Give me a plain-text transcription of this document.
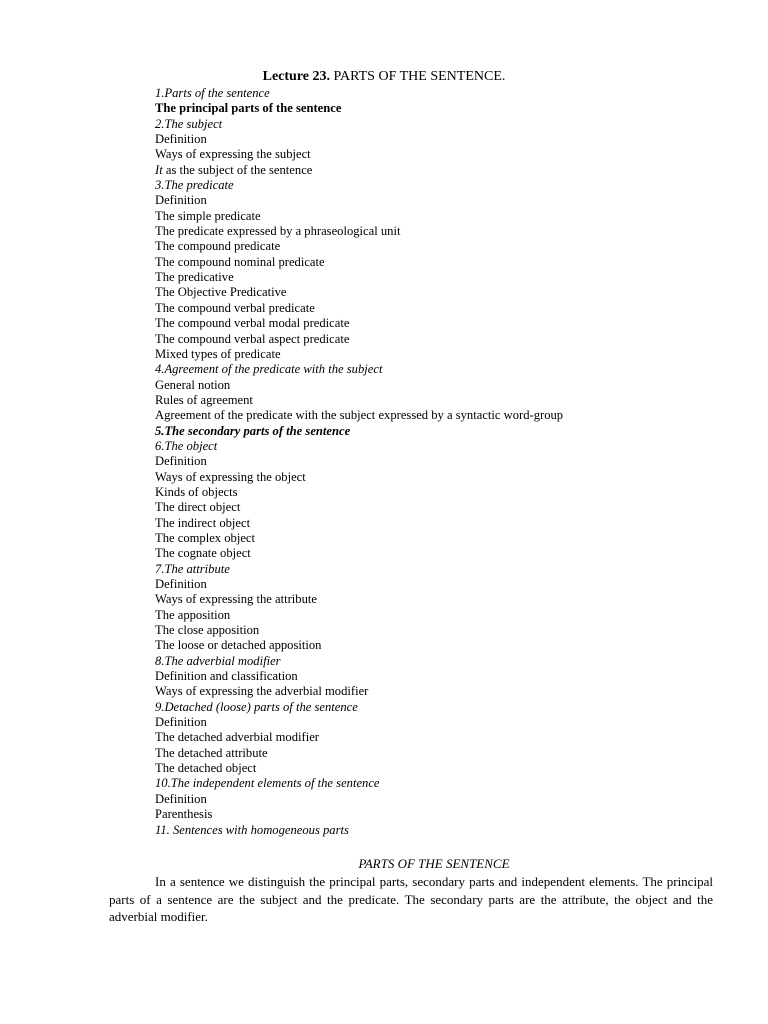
Lecture 23. PARTS OF THE SENTENCE.
1.Parts of the sentence
The principal parts of the sentence
2.The subject
Definition
Ways of expressing the subject
It as the subject of the sentence
3.The predicate
Definition
The simple predicate
The predicate expressed by a phraseological unit
The compound predicate
The compound nominal predicate
The predicative
The Objective Predicative
The compound verbal predicate
The compound verbal modal predicate
The compound verbal aspect predicate
Mixed types of predicate
4.Agreement of the predicate with the subject
General notion
Rules of agreement
Agreement of the predicate with the subject expressed by a syntactic word-group
5.The secondary parts of the sentence
6.The object
Definition
Ways of expressing the object
Kinds of objects
The direct object
The indirect object
The complex object
The cognate object
7.The attribute
Definition
Ways of expressing the attribute
The apposition
The close apposition
The loose or detached apposition
8.The adverbial modifier
Definition and classification
Ways of expressing the adverbial modifier
9.Detached (loose) parts of the sentence
Definition
The detached adverbial modifier
The detached attribute
The detached object
10.The independent elements of the sentence
Definition
Parenthesis
11. Sentences with homogeneous parts
PARTS OF THE SENTENCE

In a sentence we distinguish the principal parts, secondary parts and independent elements. The principal parts of a sentence are the subject and the predicate. The secondary parts are the attribute, the object and the adverbial modifier.
